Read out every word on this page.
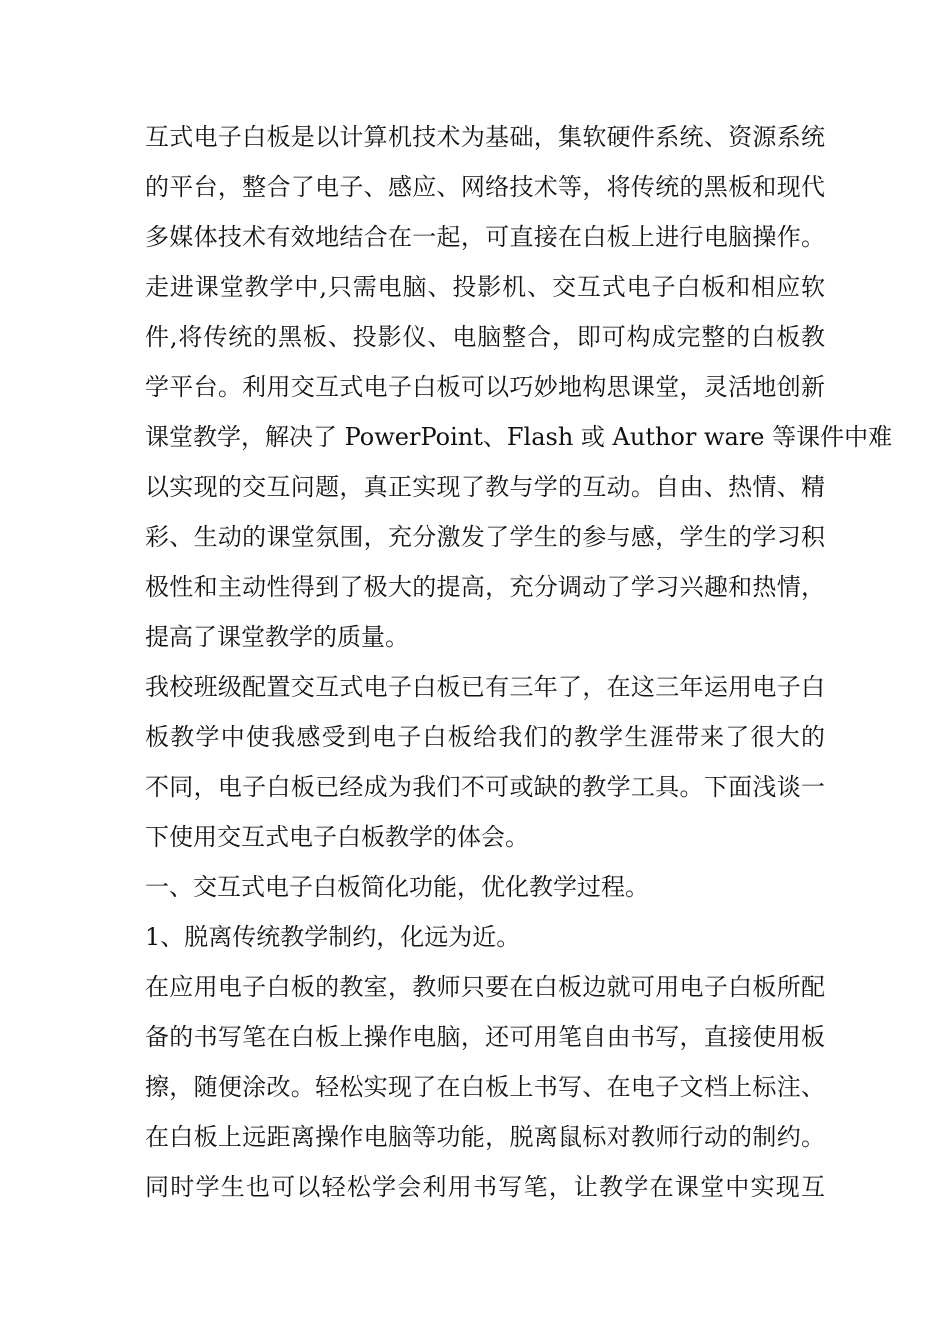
互式电子白板是以计算机技术为基础，集软硬件系统、资源系统
的平台，整合了电子、感应、网络技术等，将传统的黑板和现代
多媒体技术有效地结合在一起，可直接在白板上进行电脑操作。
走进课堂教学中,只需电脑、投影机、交互式电子白板和相应软
件,将传统的黑板、投影仪、电脑整合，即可构成完整的白板教
学平台。利用交互式电子白板可以巧妙地构思课堂，灵活地创新
课堂教学，解决了 PowerPoint、Flash 或 Author ware 等课件中难
以实现的交互问题，真正实现了教与学的互动。自由、热情、精
彩、生动的课堂氛围，充分激发了学生的参与感，学生的学习积
极性和主动性得到了极大的提高，充分调动了学习兴趣和热情，
提高了课堂教学的质量。
我校班级配置交互式电子白板已有三年了，在这三年运用电子白
板教学中使我感受到电子白板给我们的教学生涯带来了很大的
不同，电子白板已经成为我们不可或缺的教学工具。下面浅谈一
下使用交互式电子白板教学的体会。
一、交互式电子白板简化功能，优化教学过程。
1、脱离传统教学制约，化远为近。
在应用电子白板的教室，教师只要在白板边就可用电子白板所配
备的书写笔在白板上操作电脑，还可用笔自由书写，直接使用板
擦，随便涂改。轻松实现了在白板上书写、在电子文档上标注、
在白板上远距离操作电脑等功能，脱离鼠标对教师行动的制约。
同时学生也可以轻松学会利用书写笔，让教学在课堂中实现互
